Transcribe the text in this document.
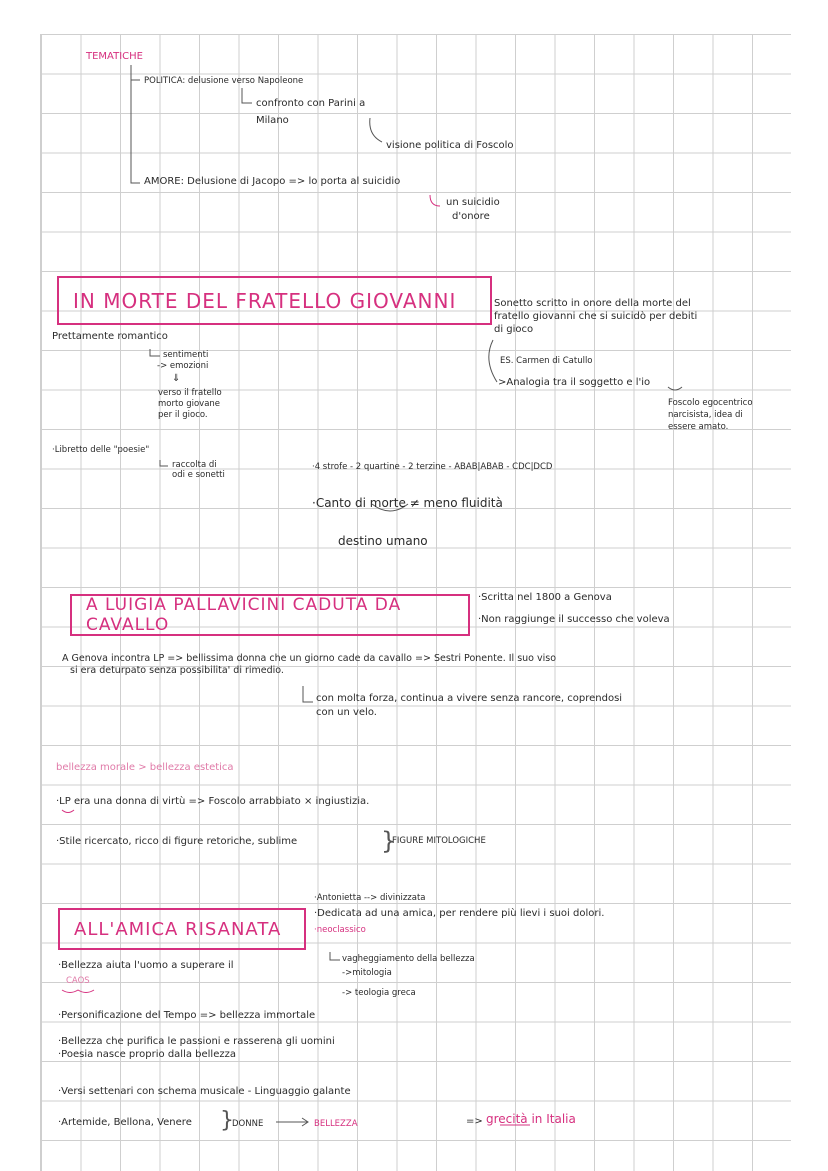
TEMATICHE
POLITICA: delusione verso Napoleone
confronto con Parini a
Milano
visione politica di Foscolo
AMORE: Delusione di Jacopo => lo porta al suicidio
un suicidio
d'onore
IN MORTE DEL FRATELLO GIOVANNI
Prettamente romantico
sentimenti
-> emozioni
⇓
verso il fratello
morto giovane
per il gioco.
Sonetto scritto in onore della morte del
fratello giovanni che si suicidò per debiti
di gioco
ES. Carmen di Catullo
>Analogia tra il soggetto e l'io
Foscolo egocentrico
narcisista, idea di
essere amato.
·Libretto delle "poesie"
raccolta di
odi e sonetti
·4 strofe - 2 quartine - 2 terzine - ABAB|ABAB - CDC|DCD
·Canto di morte ≠ meno fluidità
destino umano
A LUIGIA PALLAVICINI CADUTA DA CAVALLO
·Scritta nel 1800 a Genova
·Non raggiunge il successo che voleva
A Genova incontra LP => bellissima donna che un giorno cade da cavallo => Sestri Ponente. Il suo viso
si era deturpato senza possibilita' di rimedio.
con molta forza, continua a vivere senza rancore, coprendosi
con un velo.
bellezza morale > bellezza estetica
·LP era una donna di virtù => Foscolo arrabbiato × ingiustizia.
·Stile ricercato, ricco di figure retoriche, sublime	}
FIGURE MITOLOGICHE
ALL'AMICA RISANATA
·Antonietta --> divinizzata
·Dedicata ad una amica, per rendere più lievi i suoi dolori.
·neoclassico
·Bellezza aiuta l'uomo a superare il
CAOS
vagheggiamento della bellezza
->mitologia
-> teologia greca
·Personificazione del Tempo => bellezza immortale
·Bellezza che purifica le passioni e rasserena gli uomini
·Poesia nasce proprio dalla bellezza
·Versi settenari con schema musicale - Linguaggio galante
·Artemide, Bellona, Venere }
DONNE	BELLEZZA	=> grecità in Italia
